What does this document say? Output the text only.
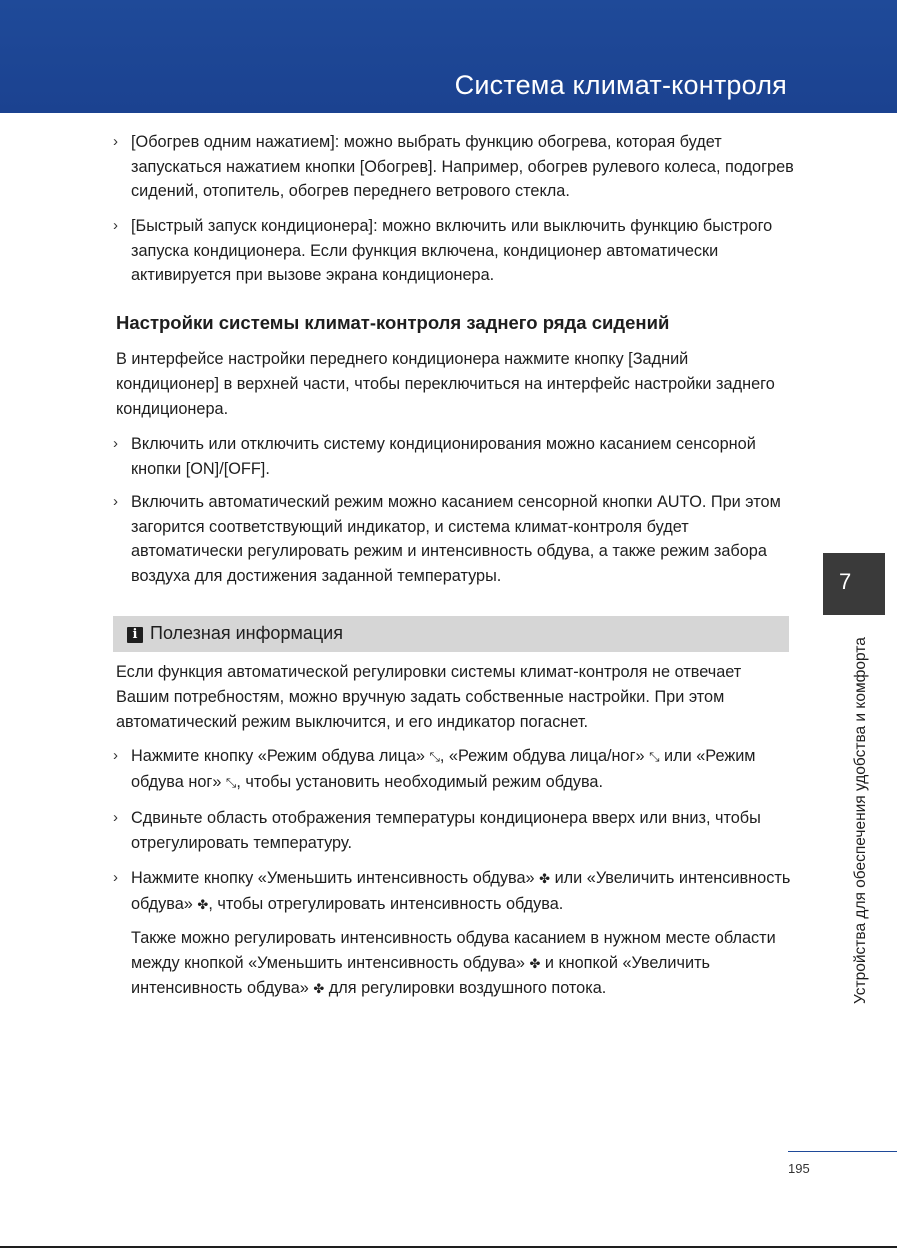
Система климат-контроля
› [Обогрев одним нажатием]: можно выбрать функцию обогрева, которая будет запускаться нажатием кнопки [Обогрев]. Например, обогрев рулевого колеса, подогрев сидений, отопитель, обогрев переднего ветрового стекла.
› [Быстрый запуск кондиционера]: можно включить или выключить функцию быстрого запуска кондиционера. Если функция включена, кондиционер автоматически активируется при вызове экрана кондиционера.
Настройки системы климат-контроля заднего ряда сидений
В интерфейсе настройки переднего кондиционера нажмите кнопку [Задний кондиционер] в верхней части, чтобы переключиться на интерфейс настройки заднего кондиционера.
› Включить или отключить систему кондиционирования можно касанием сенсорной кнопки [ON]/[OFF].
› Включить автоматический режим можно касанием сенсорной кнопки AUTO. При этом загорится соответствующий индикатор, и система климат-контроля будет автоматически регулировать режим и интенсивность обдува, а также режим забора воздуха для достижения заданной температуры.
i Полезная информация
Если функция автоматической регулировки системы климат-контроля не отвечает Вашим потребностям, можно вручную задать собственные настройки. При этом автоматический режим выключится, и его индикатор погаснет.
› Нажмите кнопку «Режим обдува лица» ⤡, «Режим обдува лица/ног» ⤡ или «Режим обдува ног» ⤡, чтобы установить необходимый режим обдува.
› Сдвиньте область отображения температуры кондиционера вверх или вниз, чтобы отрегулировать температуру.
› Нажмите кнопку «Уменьшить интенсивность обдува» ✤ или «Увеличить интенсивность обдува» ✤, чтобы отрегулировать интенсивность обдува.
Также можно регулировать интенсивность обдува касанием в нужном месте области между кнопкой «Уменьшить интенсивность обдува» ✤ и кнопкой «Увеличить интенсивность обдува» ✤ для регулировки воздушного потока.
7
Устройства для обеспечения удобства и комфорта
195
